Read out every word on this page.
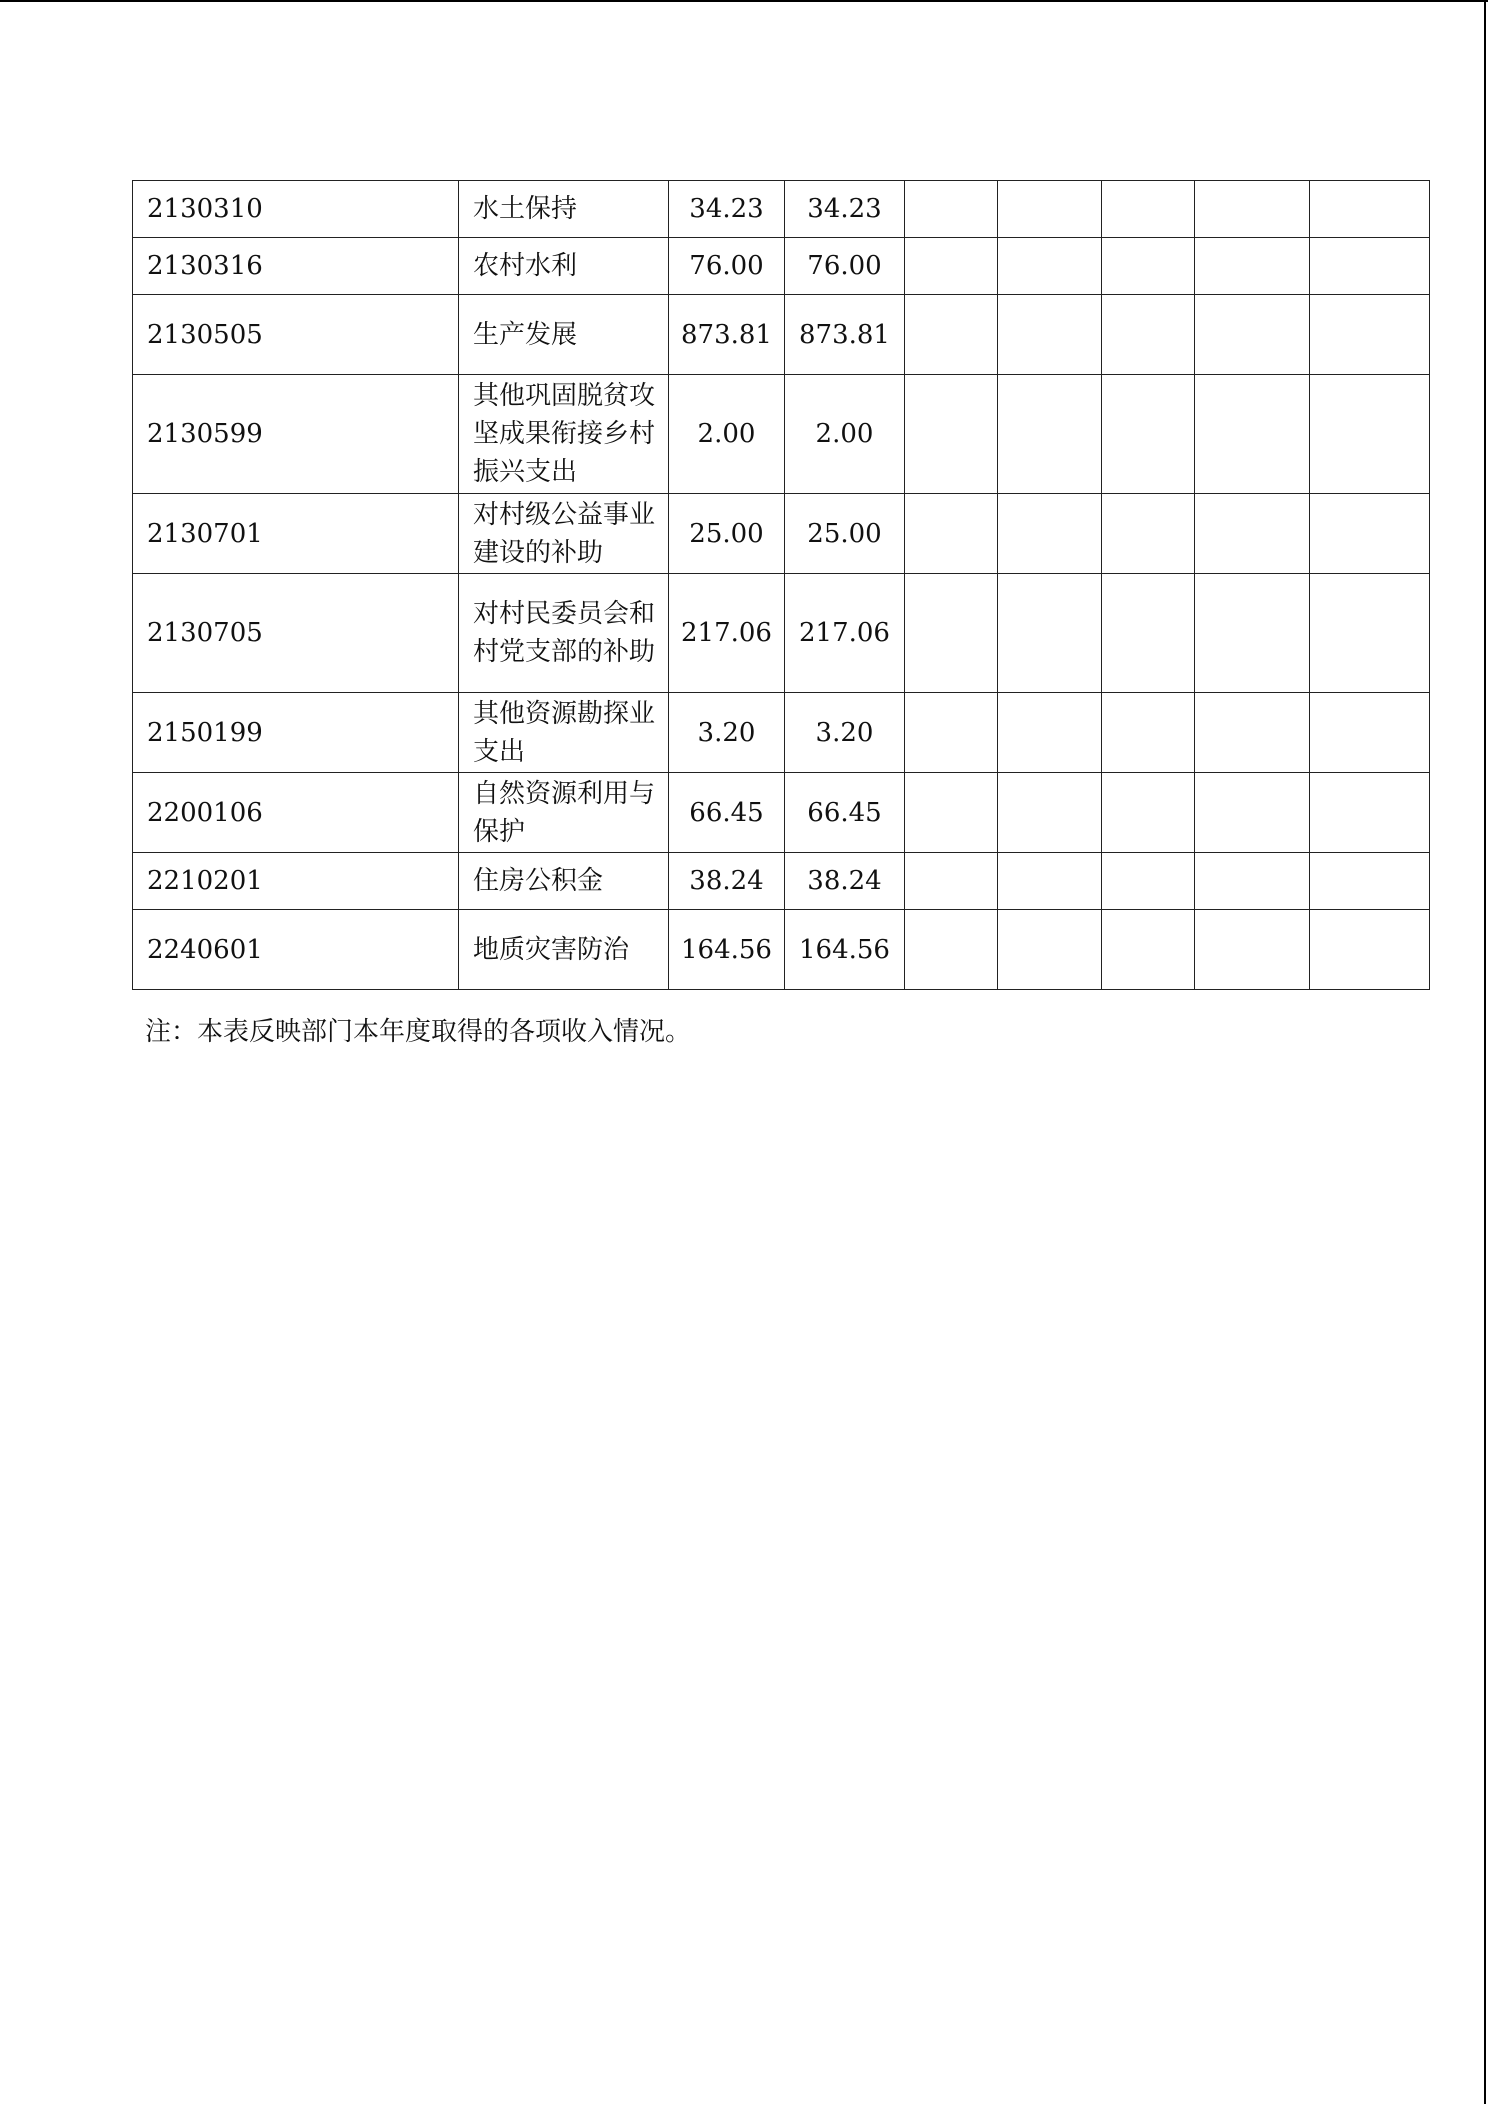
2130310	水土保持	34.23	34.23					
2130316	农村水利	76.00	76.00					
2130505	生产发展	873.81	873.81					
2130599	其他巩固脱贫攻坚成果衔接乡村振兴支出	2.00	2.00					
2130701	对村级公益事业建设的补助	25.00	25.00					
2130705	对村民委员会和村党支部的补助	217.06	217.06					
2150199	其他资源勘探业支出	3.20	3.20					
2200106	自然资源利用与保护	66.45	66.45					
2210201	住房公积金	38.24	38.24					
2240601	地质灾害防治	164.56	164.56					
注：本表反映部门本年度取得的各项收入情况。
